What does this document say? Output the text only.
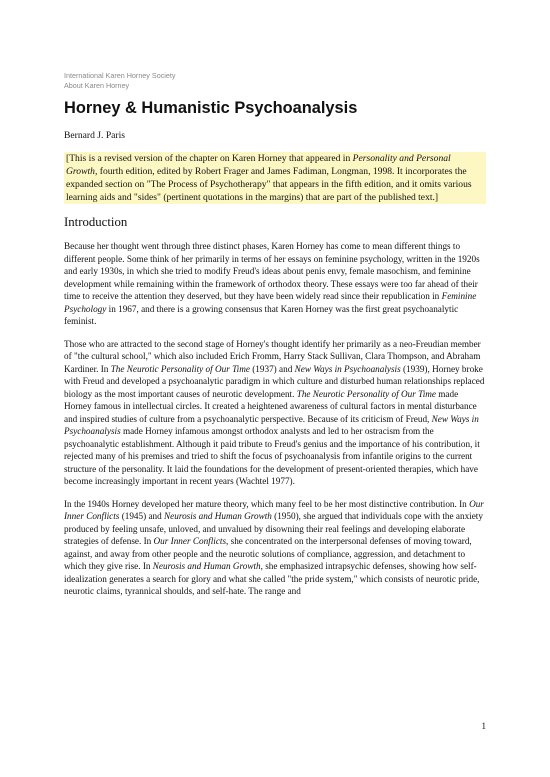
International Karen Horney Society
About Karen Horney
Horney & Humanistic Psychoanalysis
Bernard J. Paris
[This is a revised version of the chapter on Karen Horney that appeared in Personality and Personal Growth, fourth edition, edited by Robert Frager and James Fadiman, Longman, 1998. It incorporates the expanded section on "The Process of Psychotherapy" that appears in the fifth edition, and it omits various learning aids and "sides" (pertinent quotations in the margins) that are part of the published text.]
Introduction

Because her thought went through three distinct phases, Karen Horney has come to mean different things to different people. Some think of her primarily in terms of her essays on feminine psychology, written in the 1920s and early 1930s, in which she tried to modify Freud's ideas about penis envy, female masochism, and feminine development while remaining within the framework of orthodox theory. These essays were too far ahead of their time to receive the attention they deserved, but they have been widely read since their republication in Feminine Psychology in 1967, and there is a growing consensus that Karen Horney was the first great psychoanalytic feminist.

Those who are attracted to the second stage of Horney's thought identify her primarily as a neo-Freudian member of "the cultural school," which also included Erich Fromm, Harry Stack Sullivan, Clara Thompson, and Abraham Kardiner. In The Neurotic Personality of Our Time (1937) and New Ways in Psychoanalysis (1939), Horney broke with Freud and developed a psychoanalytic paradigm in which culture and disturbed human relationships replaced biology as the most important causes of neurotic development. The Neurotic Personality of Our Time made Horney famous in intellectual circles. It created a heightened awareness of cultural factors in mental disturbance and inspired studies of culture from a psychoanalytic perspective. Because of its criticism of Freud, New Ways in Psychoanalysis made Horney infamous amongst orthodox analysts and led to her ostracism from the psychoanalytic establishment. Although it paid tribute to Freud's genius and the importance of his contribution, it rejected many of his premises and tried to shift the focus of psychoanalysis from infantile origins to the current structure of the personality. It laid the foundations for the development of present-oriented therapies, which have become increasingly important in recent years (Wachtel 1977).

In the 1940s Horney developed her mature theory, which many feel to be her most distinctive contribution. In Our Inner Conflicts (1945) and Neurosis and Human Growth (1950), she argued that individuals cope with the anxiety produced by feeling unsafe, unloved, and unvalued by disowning their real feelings and developing elaborate strategies of defense. In Our Inner Conflicts, she concentrated on the interpersonal defenses of moving toward, against, and away from other people and the neurotic solutions of compliance, aggression, and detachment to which they give rise. In Neurosis and Human Growth, she emphasized intrapsychic defenses, showing how self-idealization generates a search for glory and what she called "the pride system," which consists of neurotic pride, neurotic claims, tyrannical shoulds, and self-hate. The range and

1
